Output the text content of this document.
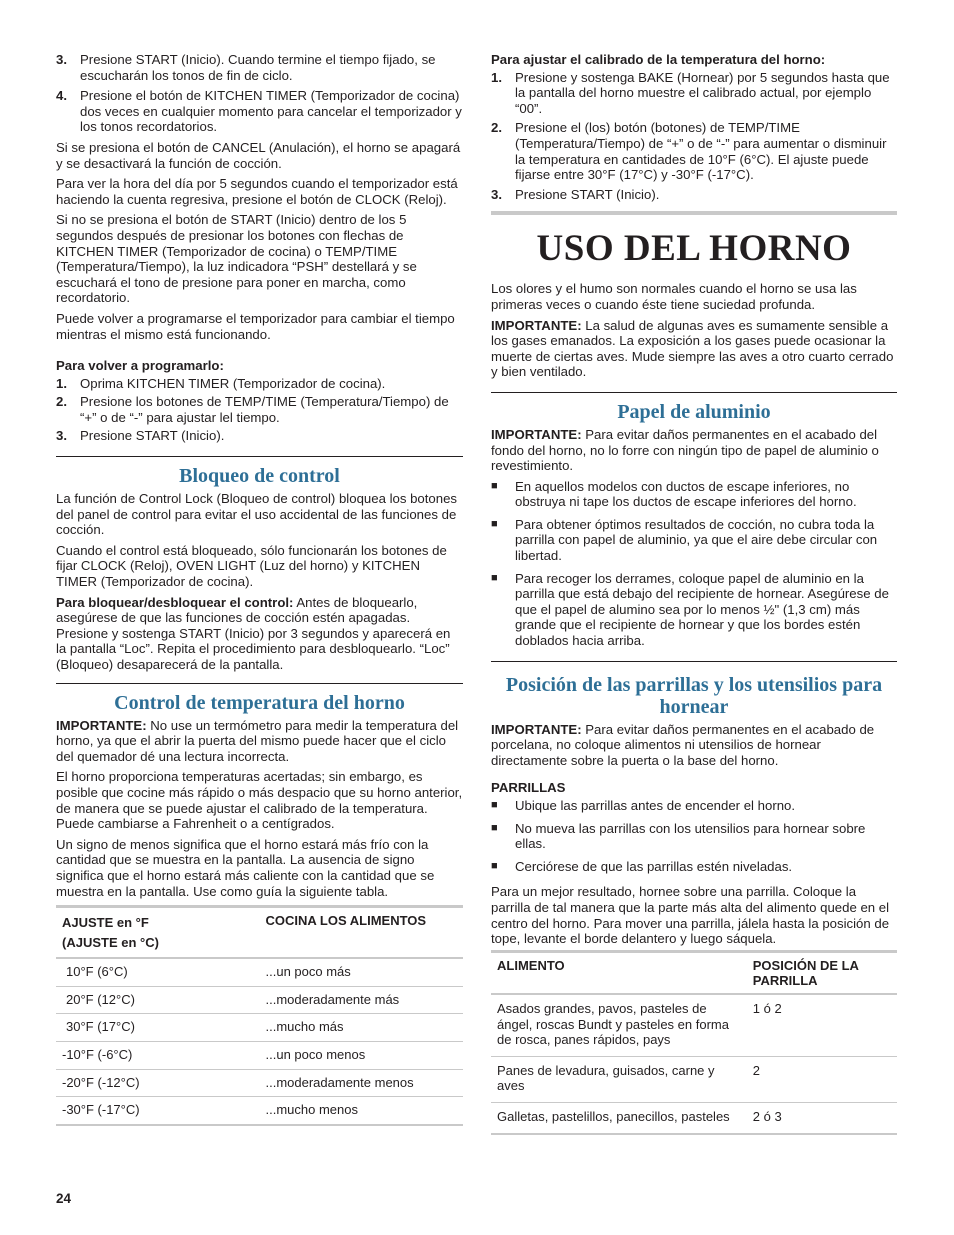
3. Presione START (Inicio). Cuando termine el tiempo fijado, se escucharán los tonos de fin de ciclo.
4. Presione el botón de KITCHEN TIMER (Temporizador de cocina) dos veces en cualquier momento para cancelar el temporizador y los tonos recordatorios.

Si se presiona el botón de CANCEL (Anulación), el horno se apagará y se desactivará la función de cocción.

Para ver la hora del día por 5 segundos cuando el temporizador está haciendo la cuenta regresiva, presione el botón de CLOCK (Reloj).

Si no se presiona el botón de START (Inicio) dentro de los 5 segundos después de presionar los botones con flechas de KITCHEN TIMER (Temporizador de cocina) o TEMP/TIME (Temperatura/Tiempo), la luz indicadora “PSH” destellará y se escuchará el tono de presione para poner en marcha, como recordatorio.

Puede volver a programarse el temporizador para cambiar el tiempo mientras el mismo está funcionando.

Para volver a programarlo:
1. Oprima KITCHEN TIMER (Temporizador de cocina).
2. Presione los botones de TEMP/TIME (Temperatura/Tiempo) de “+” o de “-” para ajustar lel tiempo.
3. Presione START (Inicio).
Bloqueo de control

La función de Control Lock (Bloqueo de control) bloquea los botones del panel de control para evitar el uso accidental de las funciones de cocción.

Cuando el control está bloqueado, sólo funcionarán los botones de fijar CLOCK (Reloj), OVEN LIGHT (Luz del horno) y KITCHEN TIMER (Temporizador de cocina).

Para bloquear/desbloquear el control: Antes de bloquearlo, asegúrese de que las funciones de cocción estén apagadas. Presione y sostenga START (Inicio) por 3 segundos y aparecerá en la pantalla “Loc”. Repita el procedimiento para desbloquearlo. “Loc” (Bloqueo) desaparecerá de la pantalla.

Control de temperatura del horno

IMPORTANTE: No use un termómetro para medir la temperatura del horno, ya que el abrir la puerta del mismo puede hacer que el ciclo del quemador dé una lectura incorrecta.

El horno proporciona temperaturas acertadas; sin embargo, es posible que cocine más rápido o más despacio que su horno anterior, de manera que se puede ajustar el calibrado de la temperatura. Puede cambiarse a Fahrenheit o a centígrados.

Un signo de menos significa que el horno estará más frío con la cantidad que se muestra en la pantalla. La ausencia de signo significa que el horno estará más caliente con la cantidad que se muestra en la pantalla. Use como guía la siguiente tabla.

AJUSTE en °F
(AJUSTE en °C)	COCINA LOS ALIMENTOS
10°F (6°C)	...un poco más
20°F (12°C)	...moderadamente más
30°F (17°C)	...mucho más
-10°F (-6°C)	...un poco menos
-20°F (-12°C)	...moderadamente menos
-30°F (-17°C)	...mucho menos
Para ajustar el calibrado de la temperatura del horno:
1. Presione y sostenga BAKE (Hornear) por 5 segundos hasta que la pantalla del horno muestre el calibrado actual, por ejemplo “00”.
2. Presione el (los) botón (botones) de TEMP/TIME (Temperatura/Tiempo) de “+” o de “-” para aumentar o disminuir la temperatura en cantidades de 10°F (6°C). El ajuste puede fijarse entre 30°F (17°C) y -30°F (-17°C).
3. Presione START (Inicio).
USO DEL HORNO

Los olores y el humo son normales cuando el horno se usa las primeras veces o cuando éste tiene suciedad profunda.

IMPORTANTE: La salud de algunas aves es sumamente sensible a los gases emanados. La exposición a los gases puede ocasionar la muerte de ciertas aves. Mude siempre las aves a otro cuarto cerrado y bien ventilado.

Papel de aluminio

IMPORTANTE: Para evitar daños permanentes en el acabado del fondo del horno, no lo forre con ningún tipo de papel de aluminio o revestimiento.

■	En aquellos modelos con ductos de escape inferiores, no obstruya ni tape los ductos de escape inferiores del horno.
■	Para obtener óptimos resultados de cocción, no cubra toda la parrilla con papel de aluminio, ya que el aire debe circular con libertad.
■	Para recoger los derrames, coloque papel de aluminio en la parrilla que está debajo del recipiente de hornear. Asegúrese de que el papel de alumino sea por lo menos ½" (1,3 cm) más grande que el recipiente de hornear y que los bordes estén doblados hacia arriba.
Posición de las parrillas y los utensilios para hornear

IMPORTANTE: Para evitar daños permanentes en el acabado de porcelana, no coloque alimentos ni utensilios de hornear directamente sobre la puerta o la base del horno.

PARRILLAS
■	Ubique las parrillas antes de encender el horno.
■	No mueva las parrillas con los utensilios para hornear sobre ellas.
■	Cerciórese de que las parrillas estén niveladas.

Para un mejor resultado, hornee sobre una parrilla. Coloque la parrilla de tal manera que la parte más alta del alimento quede en el centro del horno. Para mover una parrilla, jálela hasta la posición de tope, levante el borde delantero y luego sáquela.

ALIMENTO	POSICIÓN DE LA PARRILLA
Asados grandes, pavos, pasteles de ángel, roscas Bundt y pasteles en forma de rosca, panes rápidos, pays	1 ó 2
Panes de levadura, guisados, carne y aves	2
Galletas, pastelillos, panecillos, pasteles	2 ó 3
24
